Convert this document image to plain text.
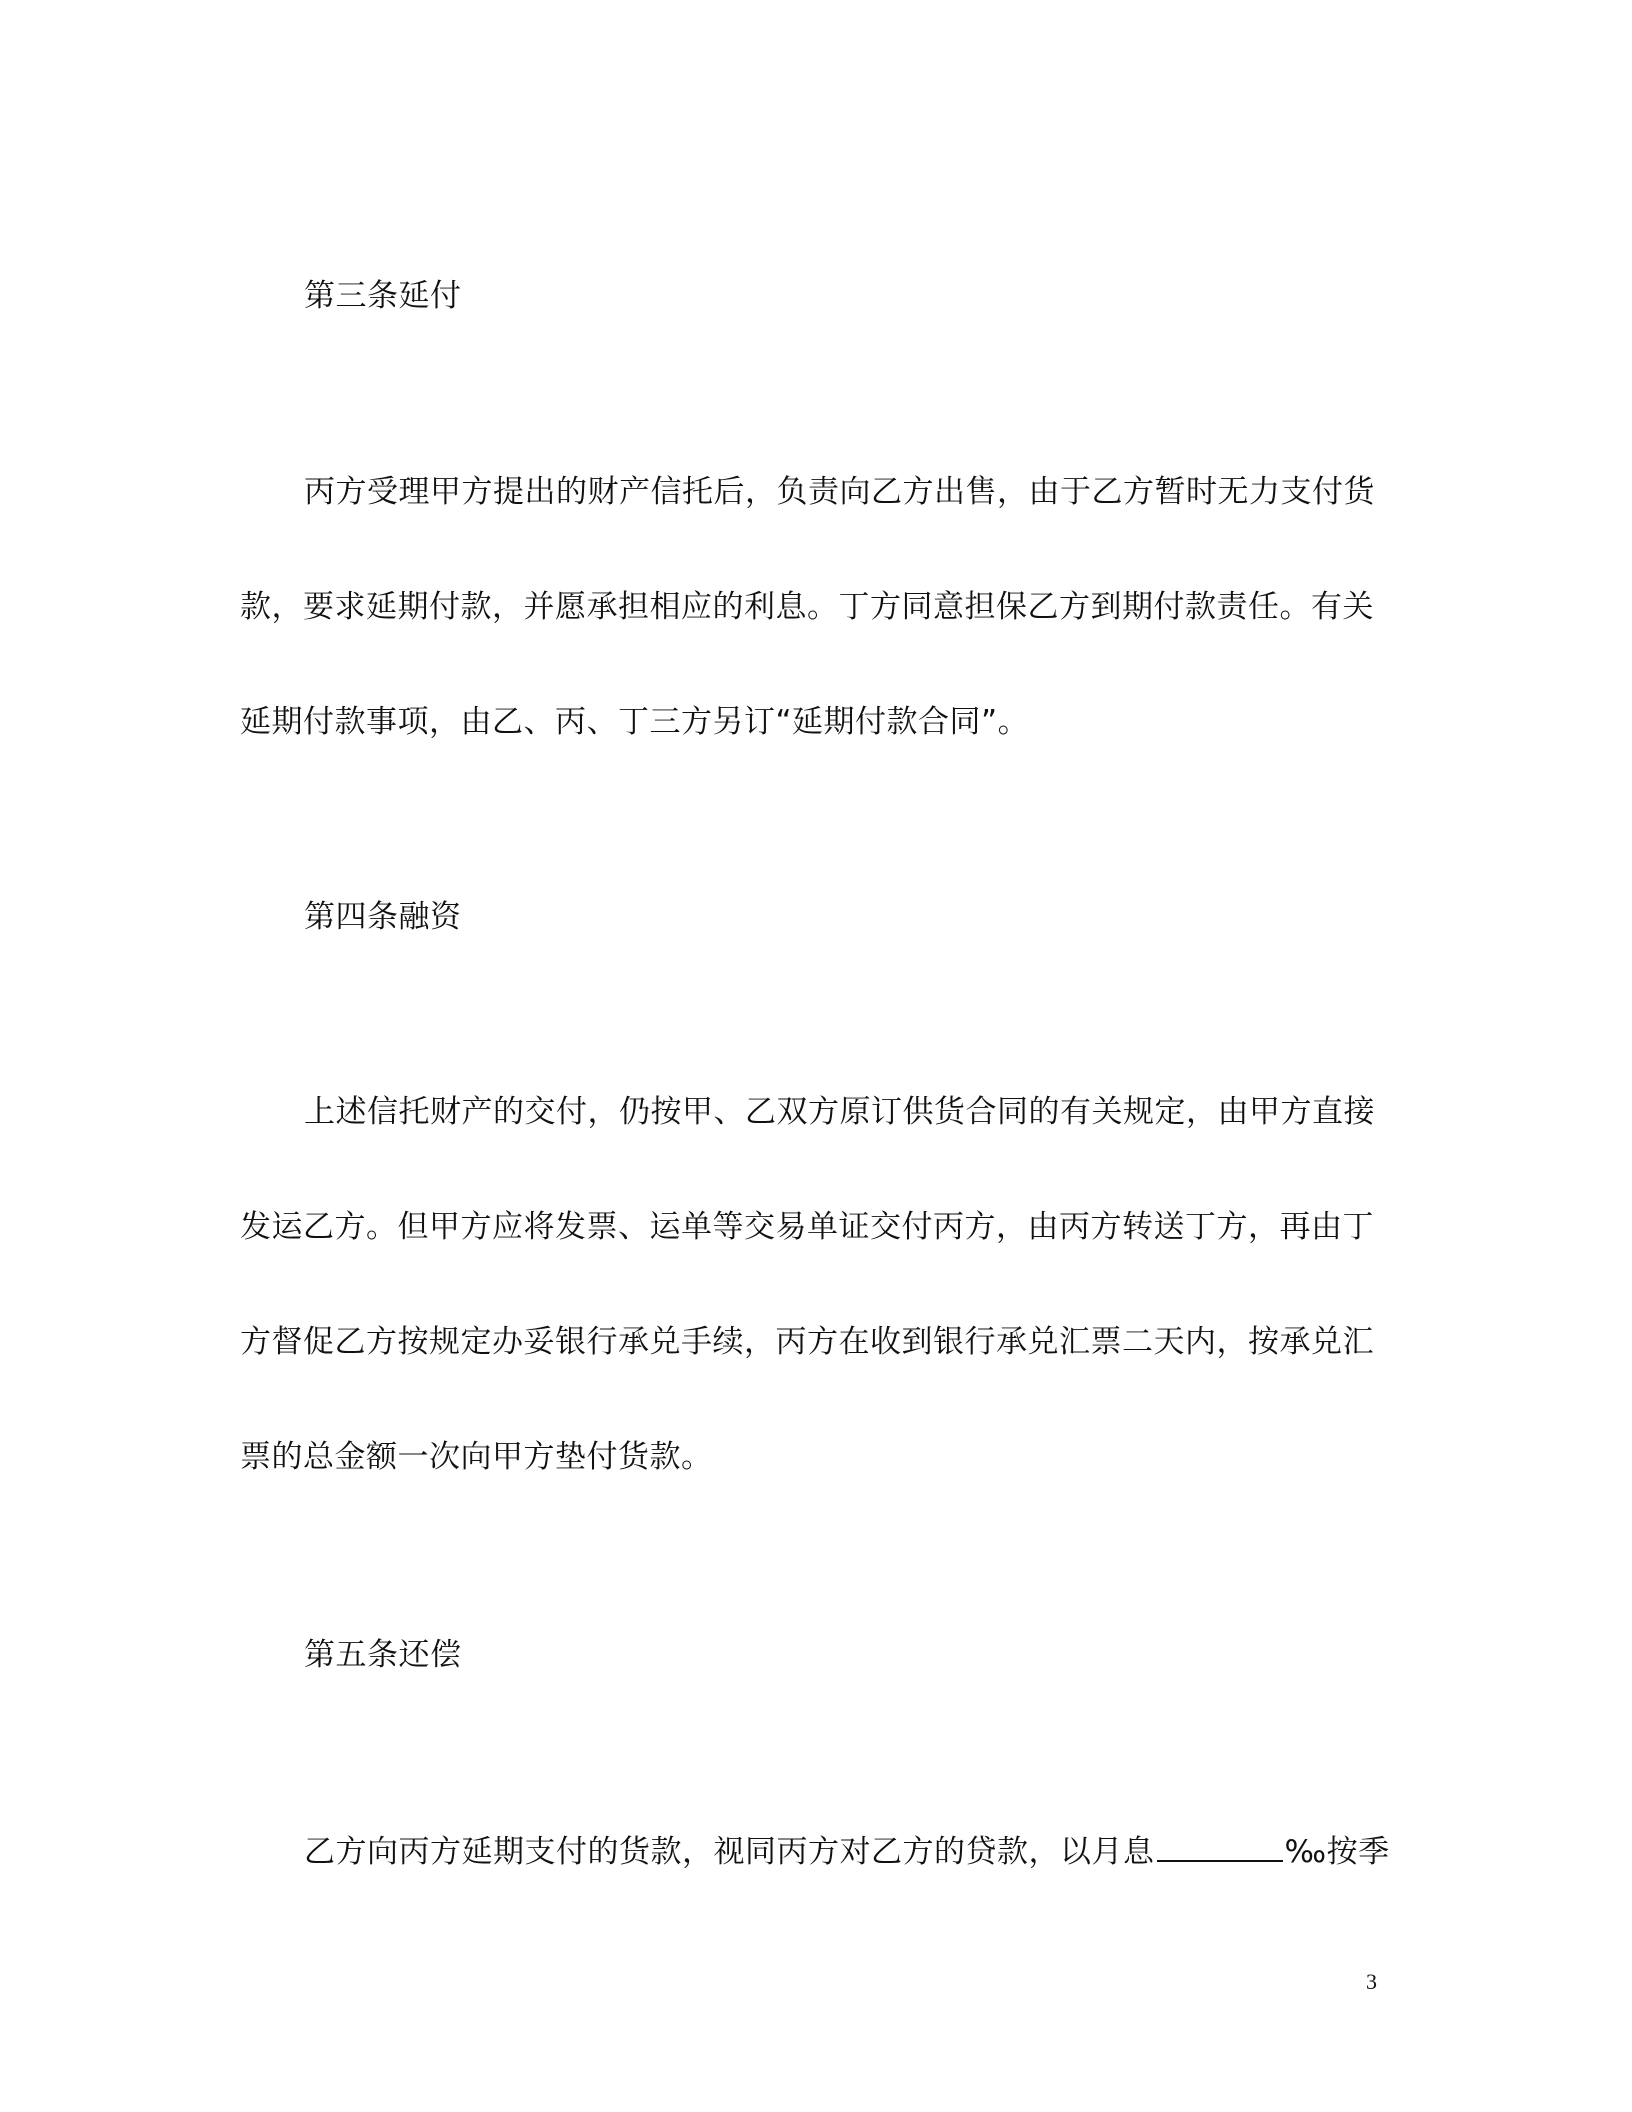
第三条延付
丙方受理甲方提出的财产信托后，负责向乙方出售，由于乙方暂时无力支付货
款，要求延期付款，并愿承担相应的利息。丁方同意担保乙方到期付款责任。有关
延期付款事项，由乙、丙、丁三方另订“延期付款合同”。
第四条融资
上述信托财产的交付，仍按甲、乙双方原订供货合同的有关规定，由甲方直接
发运乙方。但甲方应将发票、运单等交易单证交付丙方，由丙方转送丁方，再由丁
方督促乙方按规定办妥银行承兑手续，丙方在收到银行承兑汇票二天内，按承兑汇
票的总金额一次向甲方垫付货款。
第五条还偿
乙方向丙方延期支付的货款，视同丙方对乙方的贷款，以月息	‰按季
3
